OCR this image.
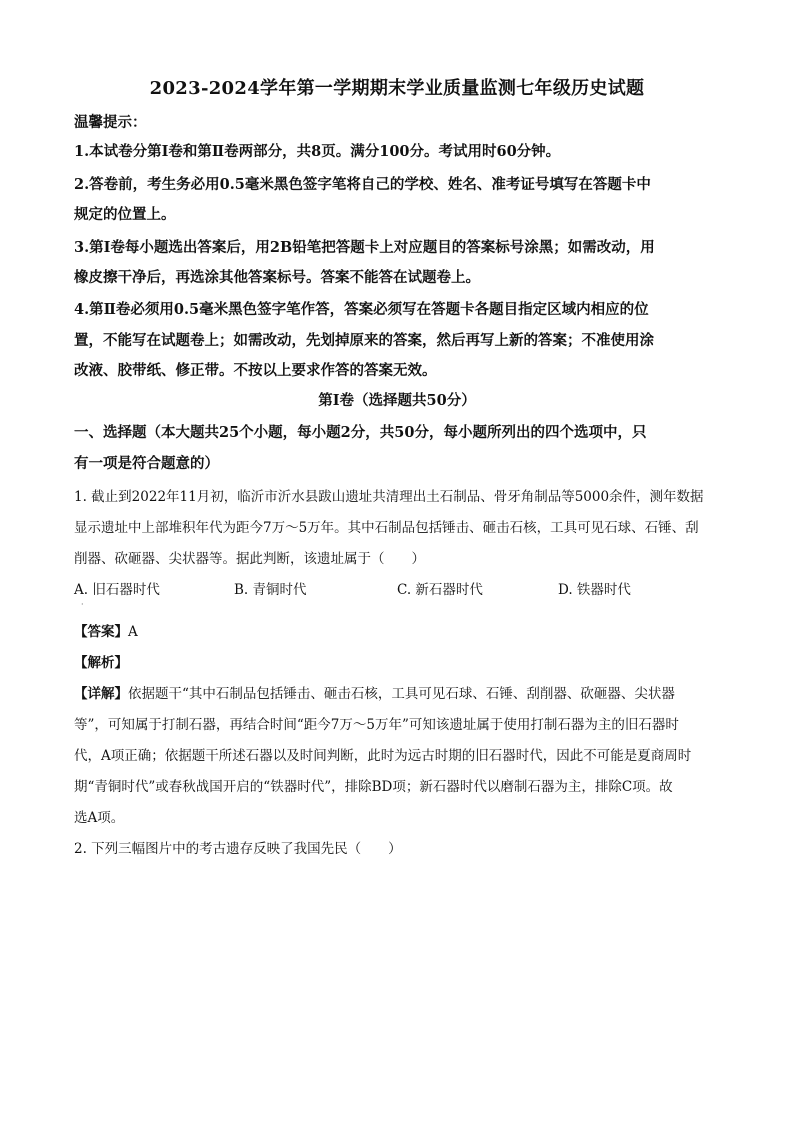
2023-2024学年第一学期期末学业质量监测七年级历史试题
温馨提示：
1.本试卷分第Ⅰ卷和第Ⅱ卷两部分，共8页。满分100分。考试用时60分钟。
2.答卷前，考生务必用0.5毫米黑色签字笔将自己的学校、姓名、准考证号填写在答题卡中
规定的位置上。
3.第Ⅰ卷每小题选出答案后，用2B铅笔把答题卡上对应题目的答案标号涂黑；如需改动，用
橡皮擦干净后，再选涂其他答案标号。答案不能答在试题卷上。
4.第Ⅱ卷必须用0.5毫米黑色签字笔作答，答案必须写在答题卡各题目指定区域内相应的位
置，不能写在试题卷上；如需改动，先划掉原来的答案，然后再写上新的答案；不准使用涂
改液、胶带纸、修正带。不按以上要求作答的答案无效。
第Ⅰ卷（选择题共50分）
一、选择题（本大题共25个小题，每小题2分，共50分，每小题所列出的四个选项中，只
有一项是符合题意的）
1. 截止到2022年11月初，临沂市沂水县跋山遗址共清理出土石制品、骨牙角制品等5000余件，测年数据
显示遗址中上部堆积年代为距今7万～5万年。其中石制品包括锤击、砸击石核，工具可见石球、石锤、刮
削器、砍砸器、尖状器等。据此判断，该遗址属于（　　）
A. 旧石器时代	B. 青铜时代	C. 新石器时代	D. 铁器时代
·
【答案】A
【解析】
【详解】依据题干“其中石制品包括锤击、砸击石核，工具可见石球、石锤、刮削器、砍砸器、尖状器
等”，可知属于打制石器，再结合时间“距今7万～5万年”可知该遗址属于使用打制石器为主的旧石器时
代，A项正确；依据题干所述石器以及时间判断，此时为远古时期的旧石器时代，因此不可能是夏商周时
期“青铜时代”或春秋战国开启的“铁器时代”，排除BD项；新石器时代以磨制石器为主，排除C项。故
选A项。
2. 下列三幅图片中的考古遗存反映了我国先民（　　）
